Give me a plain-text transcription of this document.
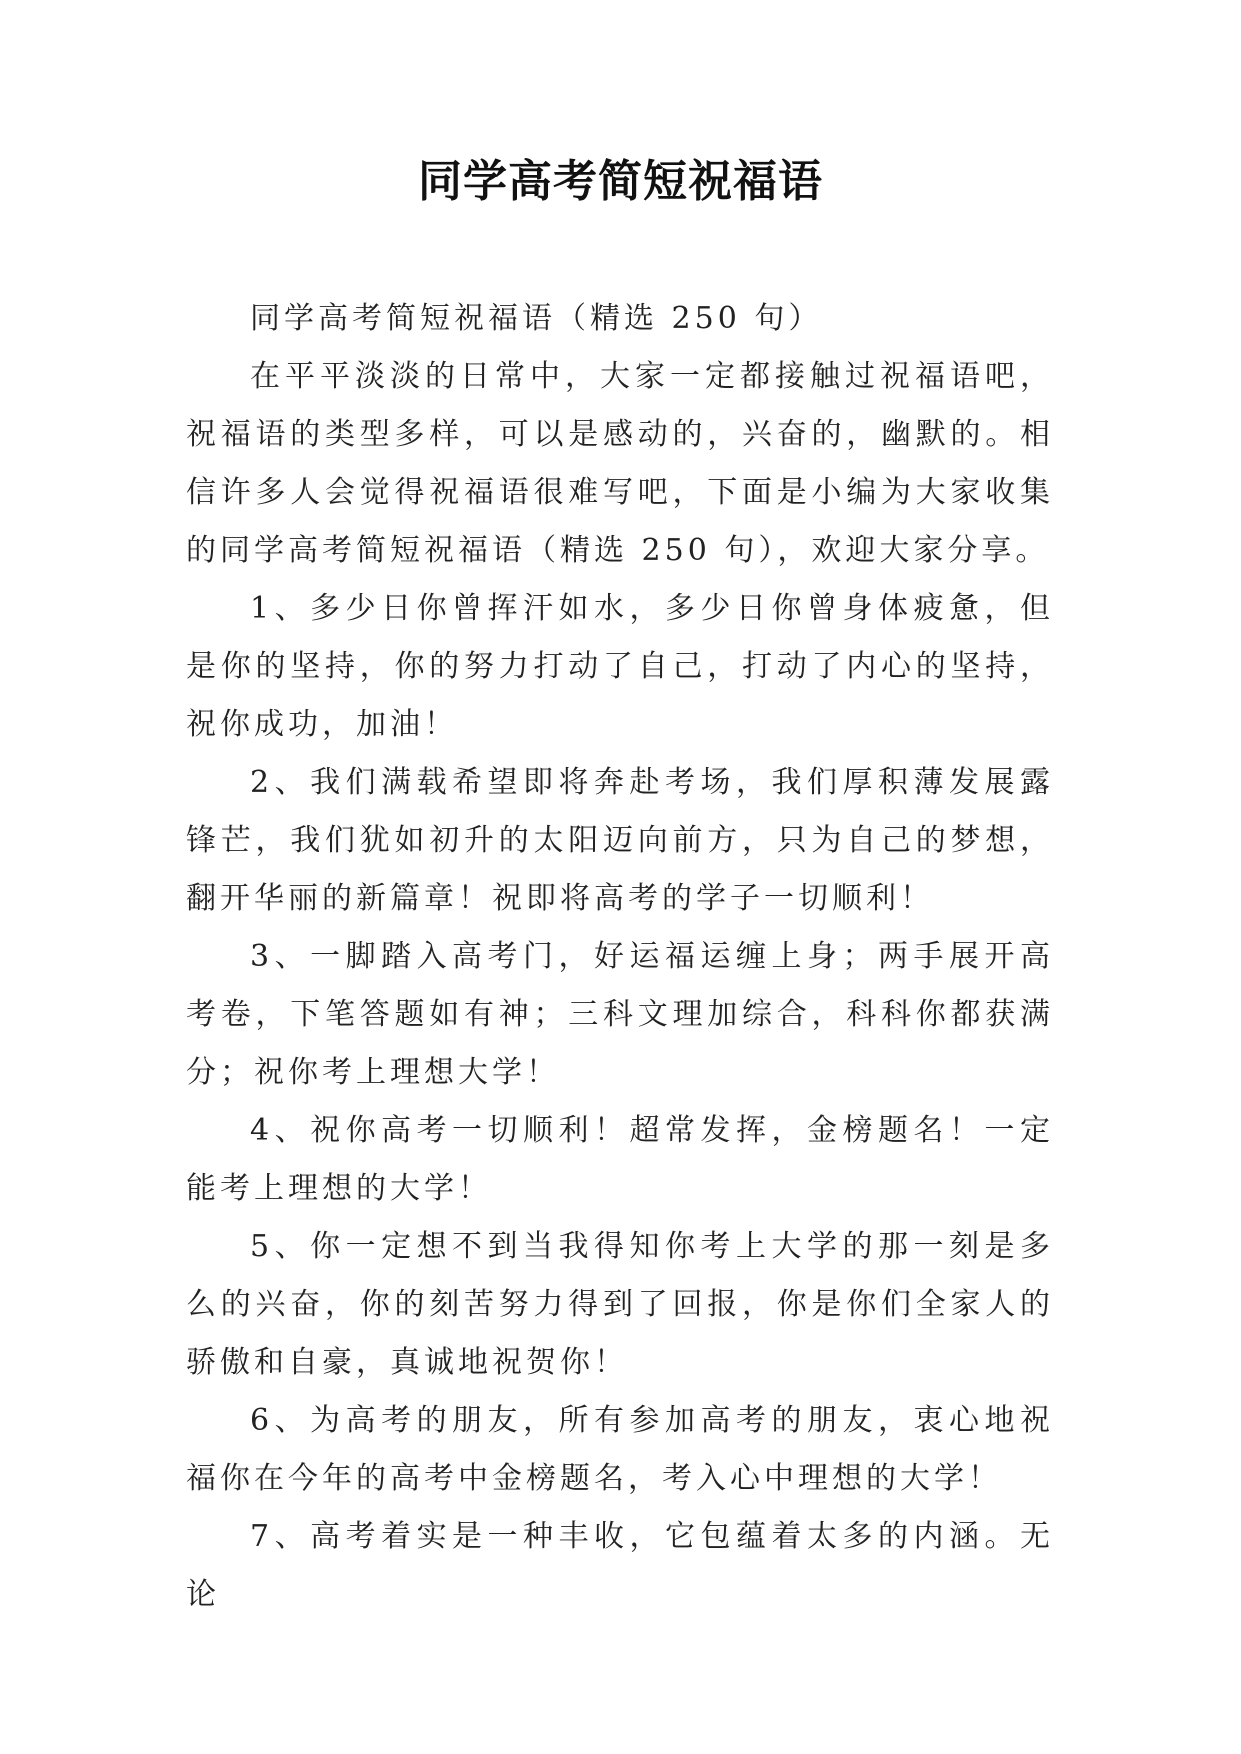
同学高考简短祝福语

同学高考简短祝福语（精选 250 句）

在平平淡淡的日常中，大家一定都接触过祝福语吧，祝福语的类型多样，可以是感动的，兴奋的，幽默的。相信许多人会觉得祝福语很难写吧，下面是小编为大家收集的同学高考简短祝福语（精选 250 句），欢迎大家分享。

1、多少日你曾挥汗如水，多少日你曾身体疲惫，但是你的坚持，你的努力打动了自己，打动了内心的坚持，祝你成功，加油！

2、我们满载希望即将奔赴考场，我们厚积薄发展露锋芒，我们犹如初升的太阳迈向前方，只为自己的梦想，翻开华丽的新篇章！祝即将高考的学子一切顺利！

3、一脚踏入高考门，好运福运缠上身；两手展开高考卷，下笔答题如有神；三科文理加综合，科科你都获满分；祝你考上理想大学！

4、祝你高考一切顺利！超常发挥，金榜题名！一定能考上理想的大学！

5、你一定想不到当我得知你考上大学的那一刻是多么的兴奋，你的刻苦努力得到了回报，你是你们全家人的骄傲和自豪，真诚地祝贺你！

6、为高考的朋友，所有参加高考的朋友，衷心地祝福你在今年的高考中金榜题名，考入心中理想的大学！

7、高考着实是一种丰收，它包蕴着太多的内涵。无论
